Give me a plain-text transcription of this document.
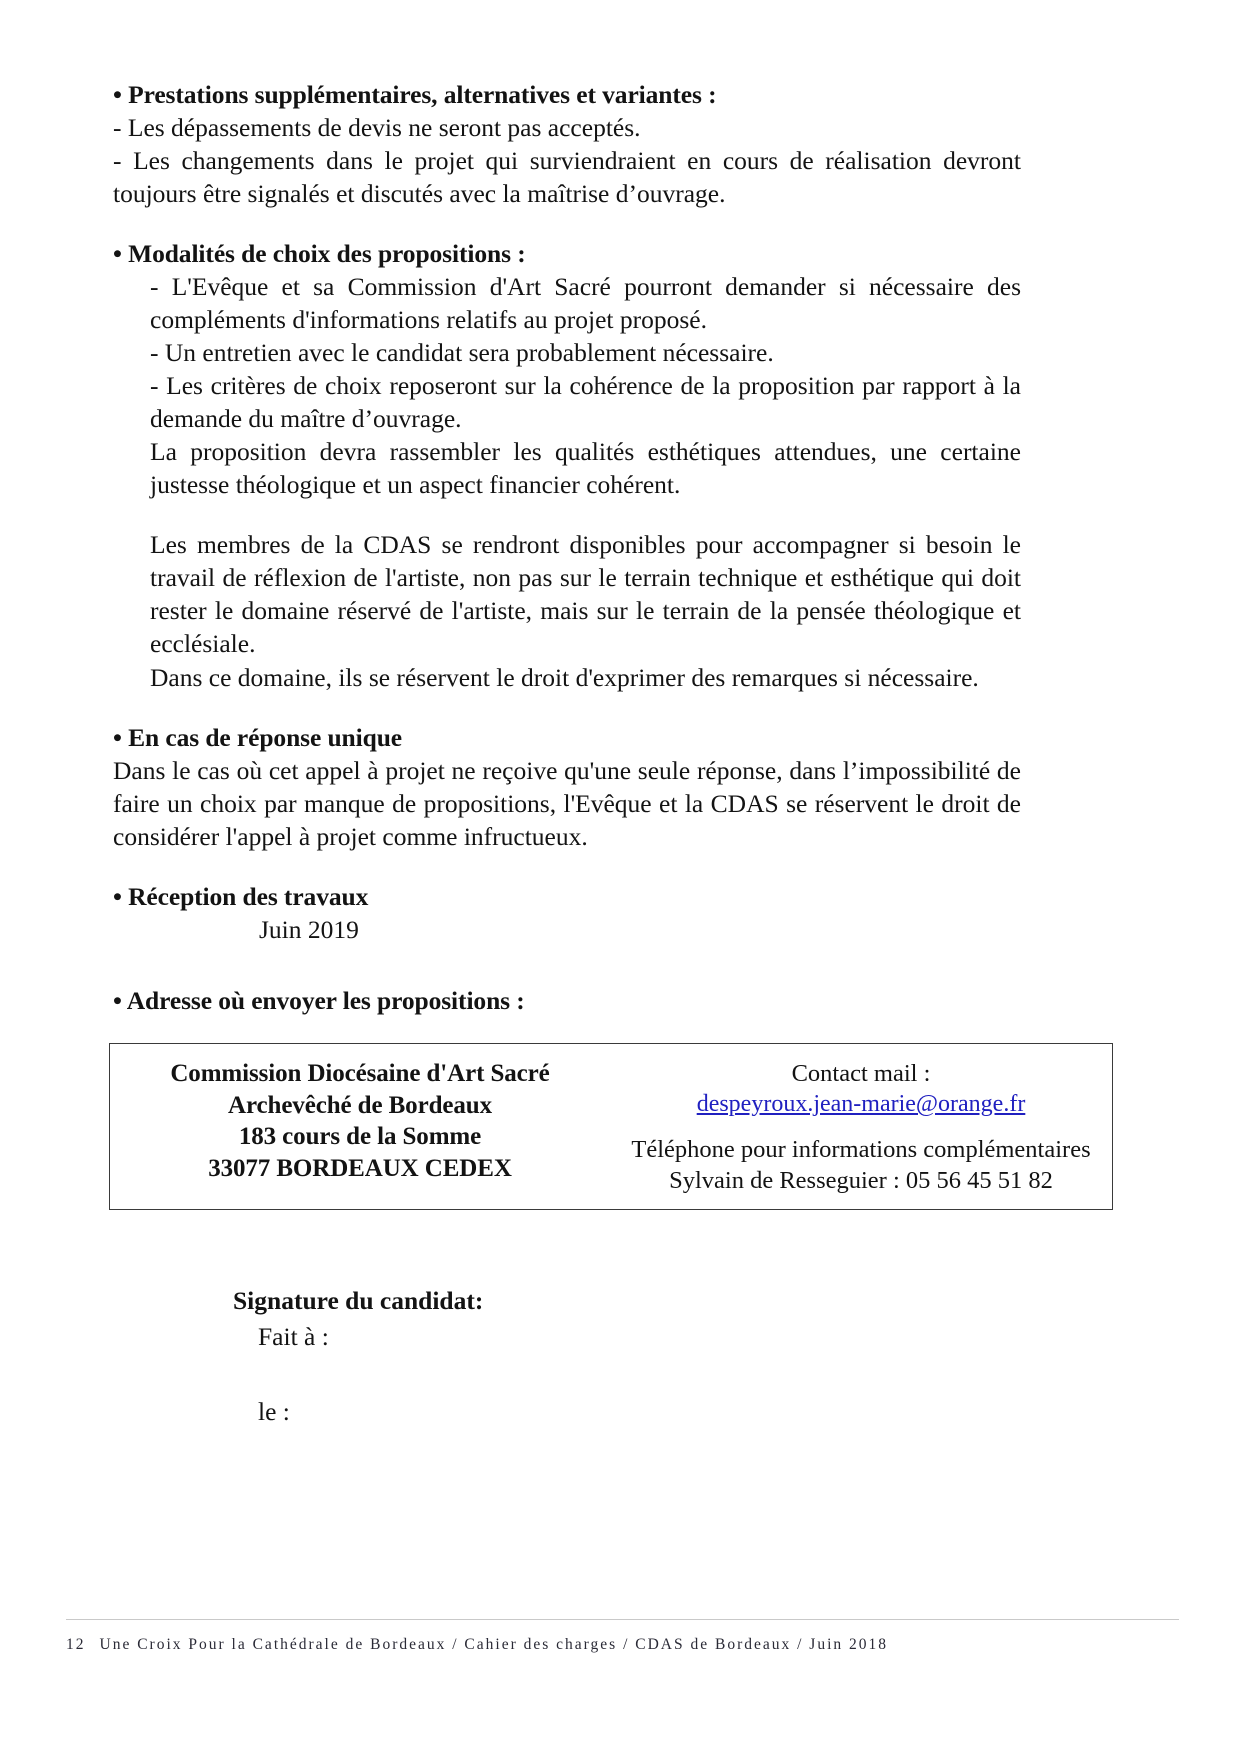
• Prestations supplémentaires, alternatives et variantes :
- Les dépassements de devis ne seront pas acceptés.
- Les changements dans le projet qui surviendraient en cours de réalisation devront toujours être signalés et discutés avec la maîtrise d’ouvrage.
• Modalités de choix des propositions :
- L'Evêque et sa Commission d'Art Sacré pourront demander si nécessaire des compléments d'informations relatifs au projet proposé.
- Un entretien avec le candidat sera probablement nécessaire.
- Les critères de choix reposeront sur la cohérence de la proposition par rapport à la demande du maître d’ouvrage.
La proposition devra rassembler les qualités esthétiques attendues, une certaine justesse théologique et un aspect financier cohérent.
Les membres de la CDAS se rendront disponibles pour accompagner si besoin le travail de réflexion de l'artiste, non pas sur le terrain technique et esthétique qui doit rester le domaine réservé de l'artiste, mais sur le terrain de la pensée théologique et ecclésiale.
Dans ce domaine, ils se réservent le droit d'exprimer des remarques si nécessaire.
• En cas de réponse unique
Dans le cas où cet appel à projet ne reçoive qu'une seule réponse, dans l’impossibilité de faire un choix par manque de propositions, l'Evêque et la CDAS se réservent le droit de considérer l'appel à projet comme infructueux.
• Réception des travaux
Juin 2019
• Adresse où envoyer les propositions :
Commission Diocésaine d'Art Sacré
Archevêché de Bordeaux
183 cours de la Somme
33077 BORDEAUX CEDEX
Contact mail :
despeyroux.jean-marie@orange.fr
Téléphone pour informations complémentaires
Sylvain de Resseguier : 05 56 45 51 82
Signature du candidat:
Fait à :
le :
12 Une Croix Pour la Cathédrale de Bordeaux / Cahier des charges / CDAS de Bordeaux / Juin 2018
